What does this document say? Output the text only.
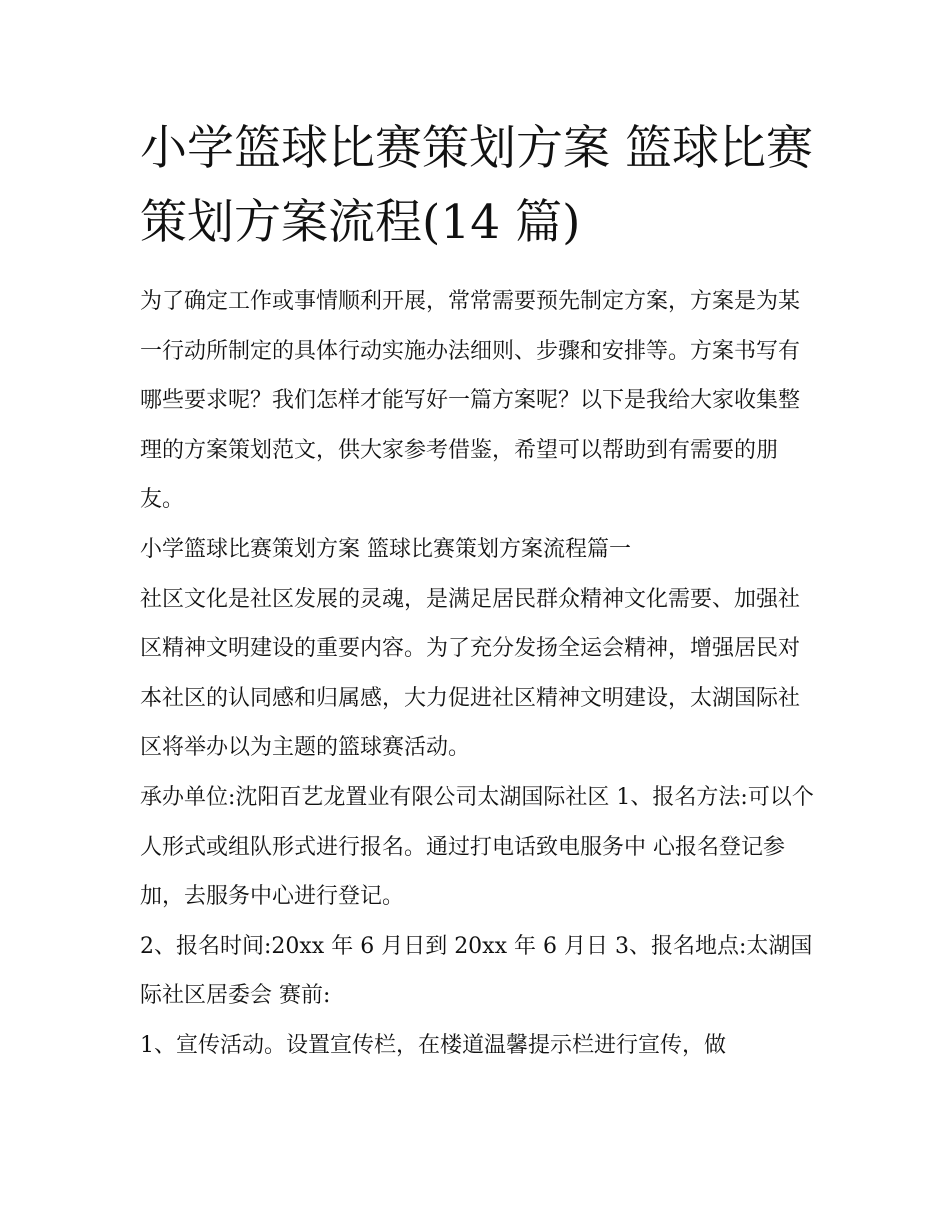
小学篮球比赛策划方案 篮球比赛策划方案流程(14 篇)

为了确定工作或事情顺利开展，常常需要预先制定方案，方案是为某一行动所制定的具体行动实施办法细则、步骤和安排等。方案书写有哪些要求呢？我们怎样才能写好一篇方案呢？以下是我给大家收集整理的方案策划范文，供大家参考借鉴，希望可以帮助到有需要的朋友。

小学篮球比赛策划方案 篮球比赛策划方案流程篇一

社区文化是社区发展的灵魂，是满足居民群众精神文化需要、加强社区精神文明建设的重要内容。为了充分发扬全运会精神，增强居民对本社区的认同感和归属感，大力促进社区精神文明建设，太湖国际社区将举办以为主题的篮球赛活动。

承办单位:沈阳百艺龙置业有限公司太湖国际社区 1、报名方法:可以个人形式或组队形式进行报名。通过打电话致电服务中 心报名登记参加，去服务中心进行登记。

2、报名时间:20xx 年 6 月日到 20xx 年 6 月日 3、报名地点:太湖国际社区居委会 赛前:

1、宣传活动。设置宣传栏，在楼道温馨提示栏进行宣传，做
